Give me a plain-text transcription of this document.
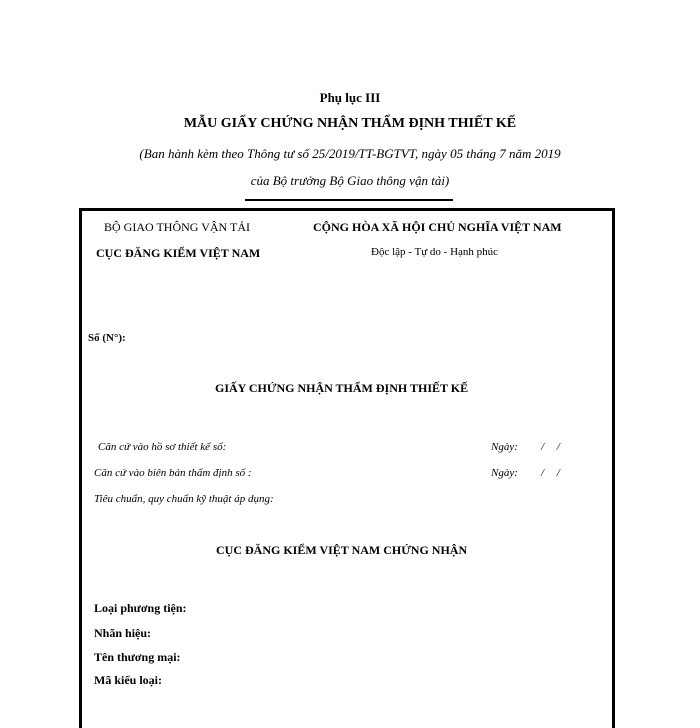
Phụ lục III
MẪU GIẤY CHỨNG NHẬN THẨM ĐỊNH THIẾT KẾ
(Ban hành kèm theo Thông tư số 25/2019/TT-BGTVT, ngày 05 tháng 7 năm 2019
của Bộ trưởng Bộ Giao thông vận tải)
BỘ GIAO THÔNG VẬN TẢI
CỤC ĐĂNG KIỂM VIỆT NAM
CỘNG HÒA XÃ HỘI CHỦ NGHĨA VIỆT NAM
Độc lập - Tự do - Hạnh phúc
Số (N°):
GIẤY CHỨNG NHẬN THẨM ĐỊNH THIẾT KẾ
Căn cứ vào hồ sơ thiết kế số:	Ngày: / /
Căn cứ vào biên bản thẩm định số :	Ngày: / /
Tiêu chuẩn, quy chuẩn kỹ thuật áp dụng:
CỤC ĐĂNG KIỂM VIỆT NAM CHỨNG NHẬN
Loại phương tiện:
Nhãn hiệu:
Tên thương mại:
Mã kiểu loại:
